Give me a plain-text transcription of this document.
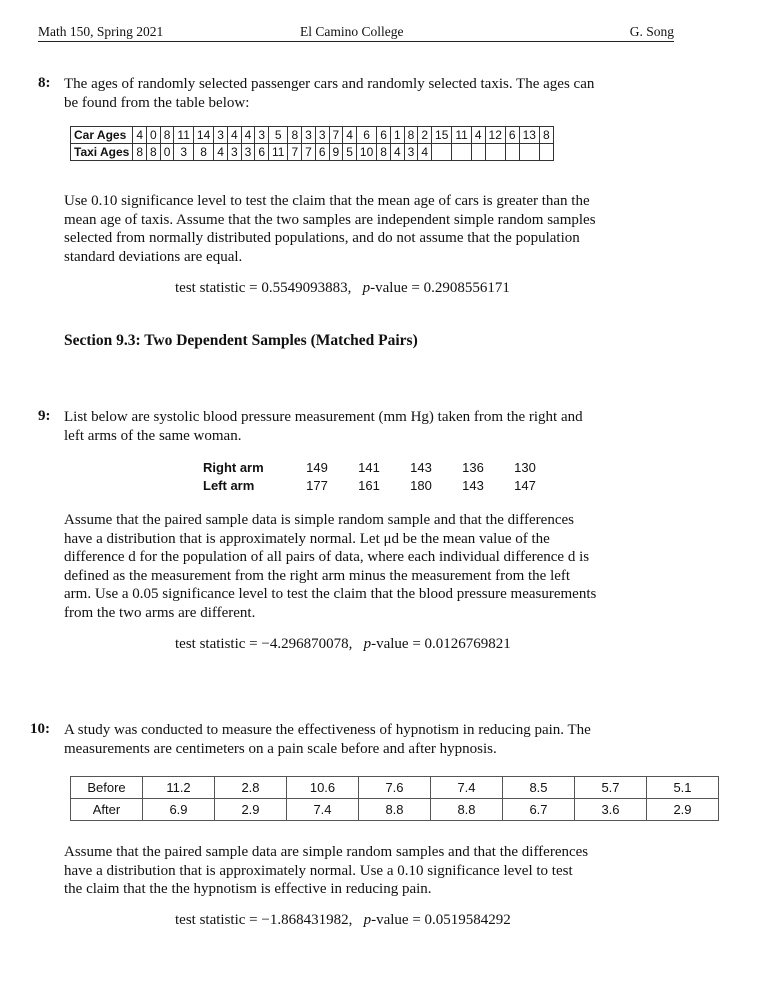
Math 150, Spring 2021	El Camino College	G. Song
8: The ages of randomly selected passenger cars and randomly selected taxis. The ages can
be found from the table below:
Car Ages	4	0	8	11	14	3	4	4	3	5	8	3	3	7	4	6	6	1	8	2	15	11	4	12	6	13	8
Taxi Ages	8	8	0	3	8	4	3	3	6	11	7	7	6	9	5	10	8	4	3	4							
Use 0.10 significance level to test the claim that the mean age of cars is greater than the
mean age of taxis. Assume that the two samples are independent simple random samples
selected from normally distributed populations, and do not assume that the population
standard deviations are equal.
test statistic = 0.5549093883,   p-value = 0.2908556171
Section 9.3: Two Dependent Samples (Matched Pairs)
9: List below are systolic blood pressure measurement (mm Hg) taken from the right and
left arms of the same woman.
Right arm	149	141	143	136	130
Left arm	177	161	180	143	147
Assume that the paired sample data is simple random sample and that the differences
have a distribution that is approximately normal. Let μd be the mean value of the
difference d for the population of all pairs of data, where each individual difference d is
defined as the measurement from the right arm minus the measurement from the left
arm. Use a 0.05 significance level to test the claim that the blood pressure measurements
from the two arms are different.
test statistic = −4.296870078,   p-value = 0.0126769821
10: A study was conducted to measure the effectiveness of hypnotism in reducing pain. The
measurements are centimeters on a pain scale before and after hypnosis.
Before	11.2	2.8	10.6	7.6	7.4	8.5	5.7	5.1
After	6.9	2.9	7.4	8.8	8.8	6.7	3.6	2.9
Assume that the paired sample data are simple random samples and that the differences
have a distribution that is approximately normal. Use a 0.10 significance level to test
the claim that the the hypnotism is effective in reducing pain.
test statistic = −1.868431982,   p-value = 0.0519584292
